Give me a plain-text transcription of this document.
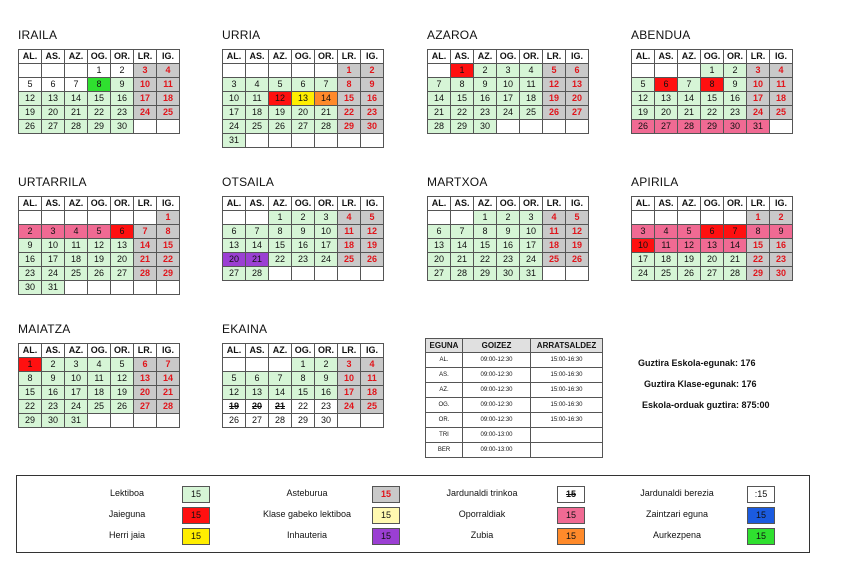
IRAILA
AL.	AS.	AZ.	OG.	OR.	LR.	IG.
			1	2	3	4
5	6	7	8	9	10	11
12	13	14	15	16	17	18
19	20	21	22	23	24	25
26	27	28	29	30		
URRIA
AL.	AS.	AZ.	OG.	OR.	LR.	IG.
					1	2
3	4	5	6	7	8	9
10	11	12	13	14	15	16
17	18	19	20	21	22	23
24	25	26	27	28	29	30
31						
AZAROA
AL.	AS.	AZ.	OG.	OR.	LR.	IG.
	1	2	3	4	5	6
7	8	9	10	11	12	13
14	15	16	17	18	19	20
21	22	23	24	25	26	27
28	29	30				
ABENDUA
AL.	AS.	AZ.	OG.	OR.	LR.	IG.
			1	2	3	4
5	6	7	8	9	10	11
12	13	14	15	16	17	18
19	20	21	22	23	24	25
26	27	28	29	30	31	
URTARRILA
AL.	AS.	AZ.	OG.	OR.	LR.	IG.
						1
2	3	4	5	6	7	8
9	10	11	12	13	14	15
16	17	18	19	20	21	22
23	24	25	26	27	28	29
30	31					
OTSAILA
AL.	AS.	AZ.	OG.	OR.	LR.	IG.
		1	2	3	4	5
6	7	8	9	10	11	12
13	14	15	16	17	18	19
20	21	22	23	24	25	26
27	28					
MARTXOA
AL.	AS.	AZ.	OG.	OR.	LR.	IG.
		1	2	3	4	5
6	7	8	9	10	11	12
13	14	15	16	17	18	19
20	21	22	23	24	25	26
27	28	29	30	31		
APIRILA
AL.	AS.	AZ.	OG.	OR.	LR.	IG.
					1	2
3	4	5	6	7	8	9
10	11	12	13	14	15	16
17	18	19	20	21	22	23
24	25	26	27	28	29	30
MAIATZA
AL.	AS.	AZ.	OG.	OR.	LR.	IG.
1	2	3	4	5	6	7
8	9	10	11	12	13	14
15	16	17	18	19	20	21
22	23	24	25	26	27	28
29	30	31				
EKAINA
AL.	AS.	AZ.	OG.	OR.	LR.	IG.
			1	2	3	4
5	6	7	8	9	10	11
12	13	14	15	16	17	18
19	20	21	22	23	24	25
26	27	28	29	30		
EGUNA	GOIZEZ	ARRATSALDEZ
AL.	09:00-12:30	15:00-16:30
AS.	09:00-12:30	15:00-16:30
AZ.	09:00-12:30	15:00-16:30
OG.	09:00-12:30	15:00-16:30
OR.	09:00-12:30	15:00-16:30
TRI	09:00-13:00	
BER	09:00-13:00	
Guztira Eskola-egunak: 176
Guztira Klase-egunak: 176
Eskola-orduak guztira: 875:00
Lektiboa	15	Asteburua	15	Jardunaldi trinkoa	15	Jardunaldi berezia	:15
Jaieguna	15	Klase gabeko lektiboa	15	Oporraldiak	15	Zaintzari eguna	15
Herri jaia	15	Inhauteria	15	Zubia	15	Aurkezpena	15
